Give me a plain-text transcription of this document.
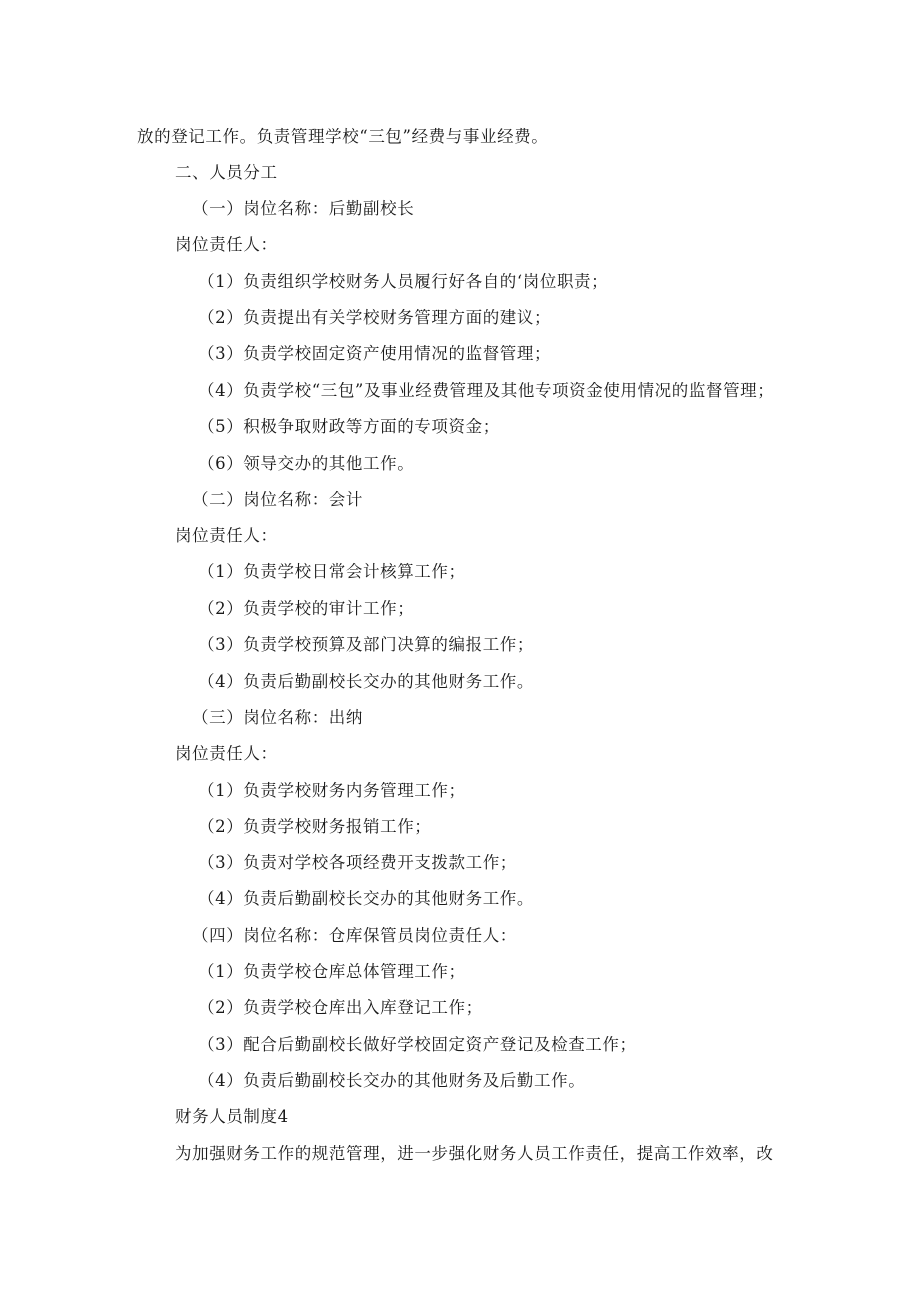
放的登记工作。负责管理学校“三包”经费与事业经费。
二、人员分工
（一）岗位名称：后勤副校长
岗位责任人：
（1）负责组织学校财务人员履行好各自的‘岗位职责；
（2）负责提出有关学校财务管理方面的建议；
（3）负责学校固定资产使用情况的监督管理；
（4）负责学校“三包”及事业经费管理及其他专项资金使用情况的监督管理；
（5）积极争取财政等方面的专项资金；
（6）领导交办的其他工作。
（二）岗位名称：会计
岗位责任人：
（1）负责学校日常会计核算工作；
（2）负责学校的审计工作；
（3）负责学校预算及部门决算的编报工作；
（4）负责后勤副校长交办的其他财务工作。
（三）岗位名称：出纳
岗位责任人：
（1）负责学校财务内务管理工作；
（2）负责学校财务报销工作；
（3）负责对学校各项经费开支拨款工作；
（4）负责后勤副校长交办的其他财务工作。
（四）岗位名称：仓库保管员岗位责任人：
（1）负责学校仓库总体管理工作；
（2）负责学校仓库出入库登记工作；
（3）配合后勤副校长做好学校固定资产登记及检查工作；
（4）负责后勤副校长交办的其他财务及后勤工作。
财务人员制度4
为加强财务工作的规范管理，进一步强化财务人员工作责任，提高工作效率，改
